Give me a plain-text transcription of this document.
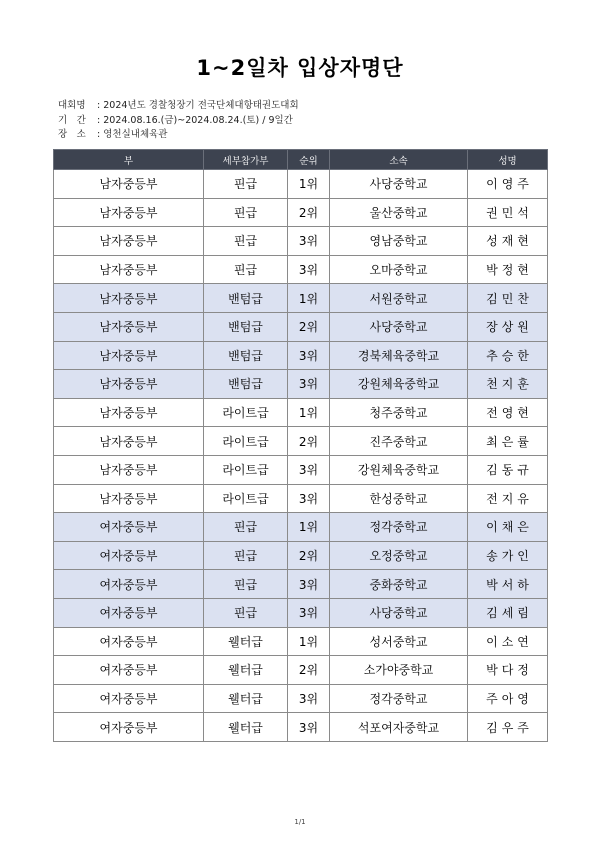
1~2일차 입상자명단
대회명 : 2024년도 경찰청장기 전국단체대항태권도대회
기　간 : 2024.08.16.(금)~2024.08.24.(토) / 9일간
장　소 : 영천실내체육관
부	세부참가부	순위	소속	성명
남자중등부	핀급	1위	사당중학교	이영주
남자중등부	핀급	2위	울산중학교	권민석
남자중등부	핀급	3위	영남중학교	성재현
남자중등부	핀급	3위	오마중학교	박정현
남자중등부	밴텀급	1위	서원중학교	김민찬
남자중등부	밴텀급	2위	사당중학교	장상원
남자중등부	밴텀급	3위	경북체육중학교	추승한
남자중등부	밴텀급	3위	강원체육중학교	천지훈
남자중등부	라이트급	1위	청주중학교	전영현
남자중등부	라이트급	2위	진주중학교	최은률
남자중등부	라이트급	3위	강원체육중학교	김동규
남자중등부	라이트급	3위	한성중학교	전지유
여자중등부	핀급	1위	정각중학교	이채은
여자중등부	핀급	2위	오정중학교	송가인
여자중등부	핀급	3위	중화중학교	박서하
여자중등부	핀급	3위	사당중학교	김세림
여자중등부	웰터급	1위	성서중학교	이소연
여자중등부	웰터급	2위	소가야중학교	박다정
여자중등부	웰터급	3위	정각중학교	주아영
여자중등부	웰터급	3위	석포여자중학교	김우주
1/1
